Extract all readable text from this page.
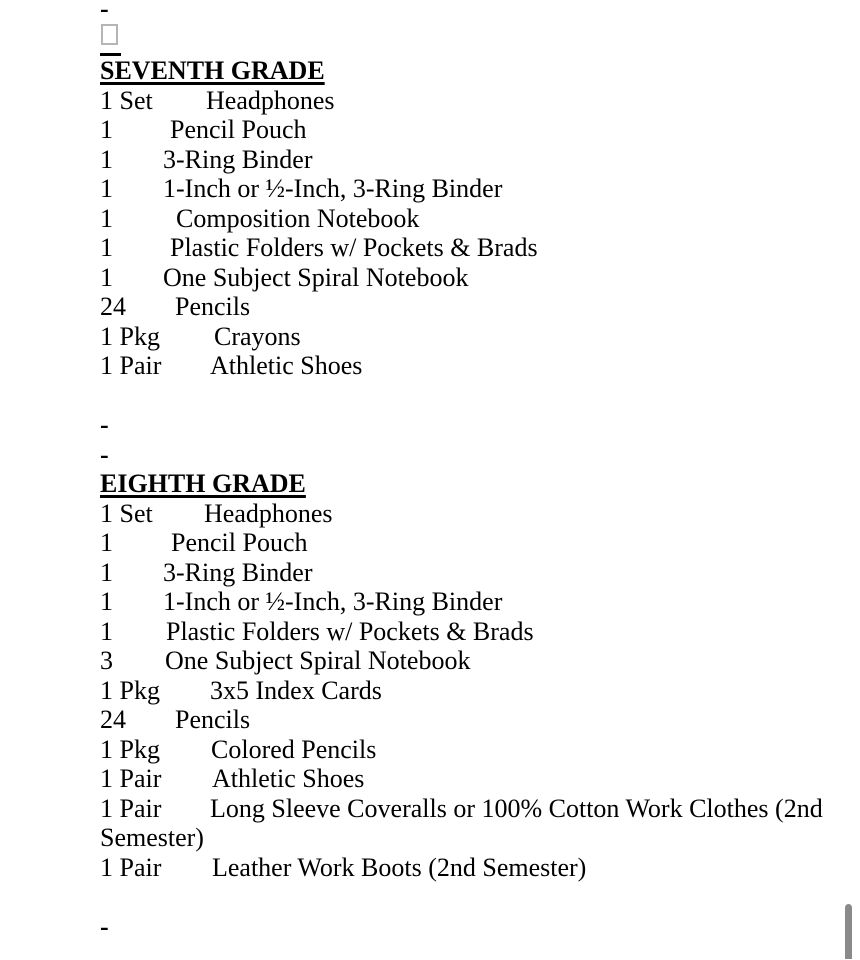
-
SEVENTH GRADE
1 Set Headphones
1 Pencil Pouch
1 3-Ring Binder
1 1-Inch or ½-Inch, 3-Ring Binder
1 Composition Notebook
1 Plastic Folders w/ Pockets & Brads
1 One Subject Spiral Notebook
24 Pencils
1 Pkg Crayons
1 Pair Athletic Shoes
-
-
EIGHTH GRADE
1 Set Headphones
1 Pencil Pouch
1 3-Ring Binder
1 1-Inch or ½-Inch, 3-Ring Binder
1 Plastic Folders w/ Pockets & Brads
3 One Subject Spiral Notebook
1 Pkg 3x5 Index Cards
24 Pencils
1 Pkg Colored Pencils
1 Pair Athletic Shoes
1 Pair Long Sleeve Coveralls or 100% Cotton Work Clothes (2nd Semester)
1 Pair Leather Work Boots (2nd Semester)
-
